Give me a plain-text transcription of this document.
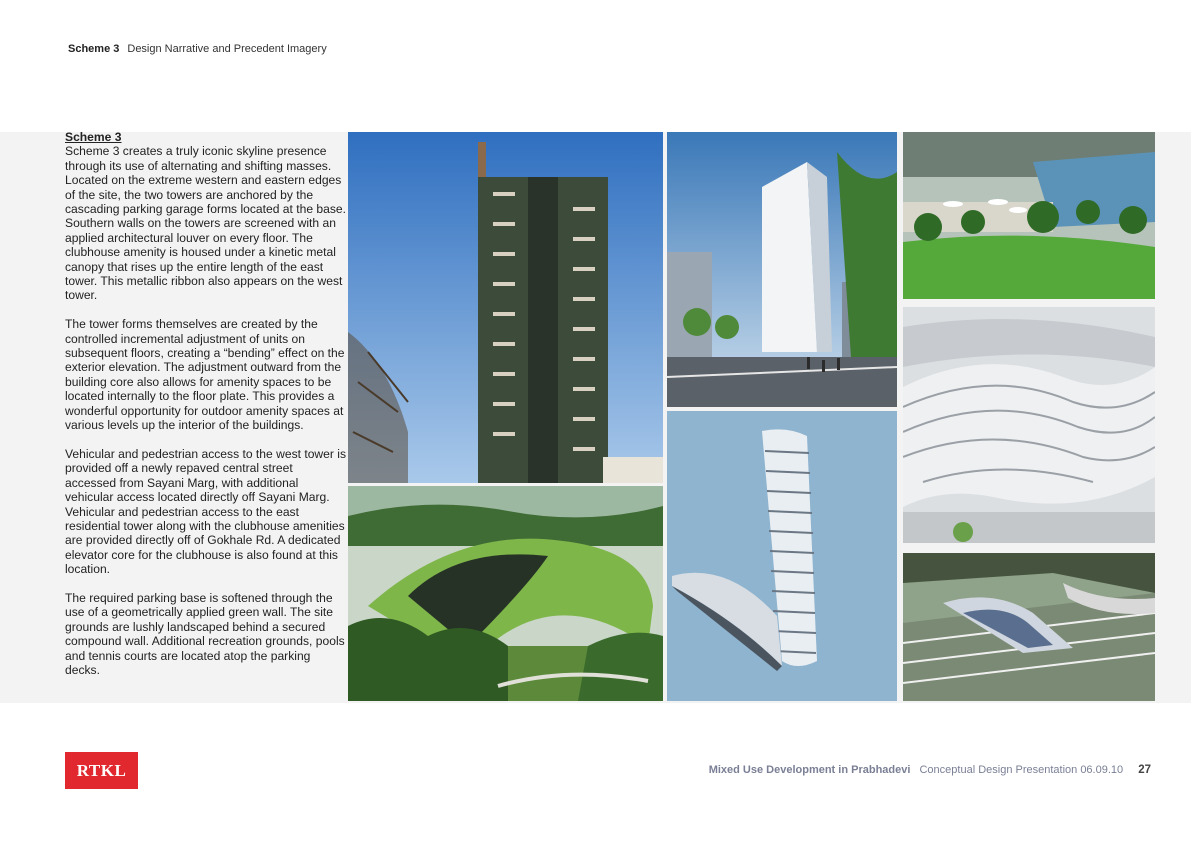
Scheme 3 Design Narrative and Precedent Imagery
Scheme 3

Scheme 3 creates a truly iconic skyline presence through its use of alternating and shifting masses. Located on the extreme western and eastern edges of the site, the two towers are anchored by the cascading parking garage forms located at the base. Southern walls on the towers are screened with an applied architectural louver on every floor. The clubhouse amenity is housed under a kinetic metal canopy that rises up the entire length of the east tower. This metallic ribbon also appears on the west tower.

The tower forms themselves are created by the controlled incremental adjustment of units on subsequent floors, creating a “bending” effect on the exterior elevation. The adjustment outward from the building core also allows for amenity spaces to be located internally to the floor plate. This provides a wonderful opportunity for outdoor amenity spaces at various levels up the interior of the buildings.

Vehicular and pedestrian access to the west tower is provided off a newly repaved central street accessed from Sayani Marg, with additional vehicular access located directly off Sayani Marg. Vehicular and pedestrian access to the east residential tower along with the clubhouse amenities are provided directly off of Gokhale Rd. A dedicated elevator core for the clubhouse is also found at this location.

The required parking base is softened through the use of a geometrically applied green wall. The site grounds are lushly landscaped behind a secured compound wall. Additional recreation grounds, pools and tennis courts are located atop the parking decks.

RTKL	Mixed Use Development in Prabhadevi Conceptual Design Presentation 06.09.10 27
